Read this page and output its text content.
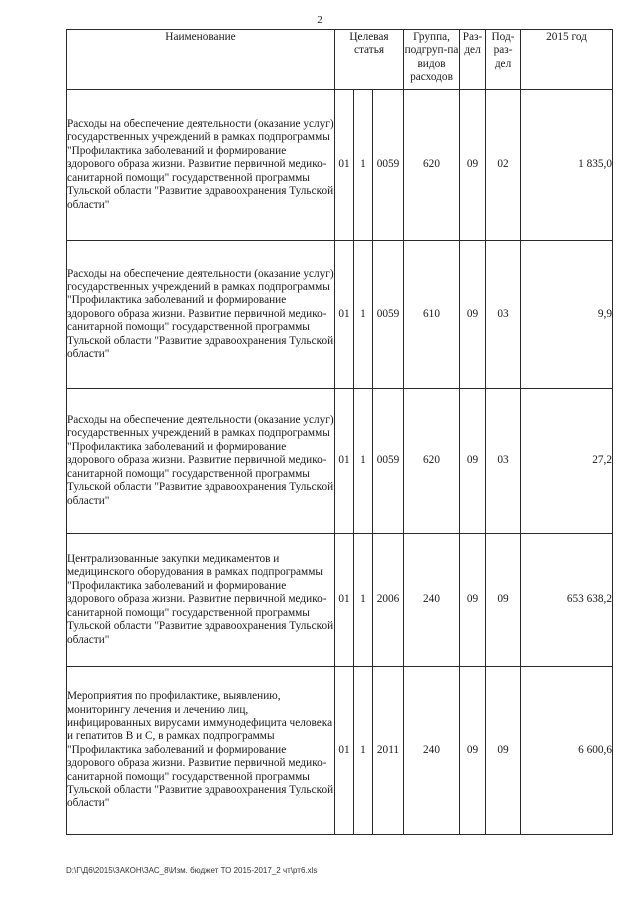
2
Наименование	Целевая статья			Группа, подгруп-па видов расходов	Раз-дел	Под-раз-дел	2015 год
Расходы на обеспечение деятельности (оказание услуг) государственных учреждений в рамках подпрограммы "Профилактика заболеваний и формирование здорового образа жизни. Развитие первичной медико-санитарной помощи" государственной программы Тульской области "Развитие здравоохранения Тульской области"	01	1	0059	620	09	02	1 835,0
Расходы на обеспечение деятельности (оказание услуг) государственных учреждений в рамках подпрограммы "Профилактика заболеваний и формирование здорового образа жизни. Развитие первичной медико-санитарной помощи" государственной программы Тульской области "Развитие здравоохранения Тульской области"	01	1	0059	610	09	03	9,9
Расходы на обеспечение деятельности (оказание услуг) государственных учреждений в рамках подпрограммы "Профилактика заболеваний и формирование здорового образа жизни. Развитие первичной медико-санитарной помощи" государственной программы Тульской области "Развитие здравоохранения Тульской области"	01	1	0059	620	09	03	27,2
Централизованные закупки медикаментов и медицинского оборудования в рамках подпрограммы "Профилактика заболеваний и формирование здорового образа жизни. Развитие первичной медико-санитарной помощи" государственной программы Тульской области "Развитие здравоохранения Тульской области"	01	1	2006	240	09	09	653 638,2
Мероприятия по профилактике, выявлению, мониторингу лечения и лечению лиц, инфицированных вирусами иммунодефицита человека и гепатитов В и С, в рамках подпрограммы "Профилактика заболеваний и формирование здорового образа жизни. Развитие первичной медико-санитарной помощи" государственной программы Тульской области "Развитие здравоохранения Тульской области"	01	1	2011	240	09	09	6 600,6
D:\Г\Д6\2015\ЗАКОН\ЗАС_8\Изм. бюджет ТО 2015-2017_2 чт\рт6.xls
